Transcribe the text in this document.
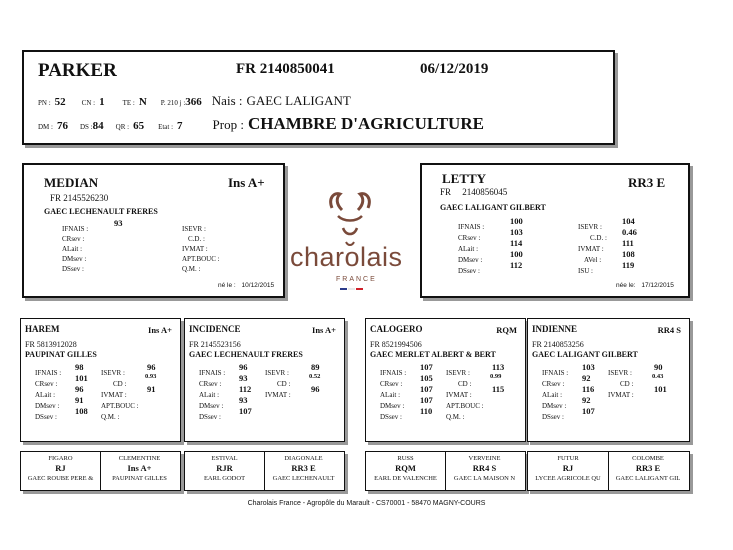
PARKER	FR 2140850041	06/12/2019
PN : 52 CN : 1	TE : N P. 210 j :366 Nais : GAEC LALIGANT
DM : 76 DS :84 QR : 65 Etat : 7 Prop : CHAMBRE D'AGRICULTURE
MEDIAN	Ins A+
FR 2145526230
GAEC LECHENAULT FRERES
IFNAIS :
93
CRsev :
ALait :
DMsev :
DSsev :
ISEVR :
C.D. :
IVMAT :
APT.BOUC :
Q.M. :
né le : 10/12/2015
charolais
FRANCE
LETTY	RR3 E
FR     2140856045
GAEC LALIGANT GILBERT
IFNAIS :
100
CRsev :
103
ALait :
114
DMsev :
100
DSsev :
112
ISEVR :
104
C.D. :
0.46
IVMAT :
111
AVel :
108
ISU :
119
née le: 17/12/2015
HAREM	Ins A+
FR 5813912028
PAUPINAT GILLES
IFNAIS :
98
CRsev :
101
ALait :
96
DMsev :
91
DSsev :
108
ISEVR :
96
CD :
0.93
IVMAT :
91
APT.BOUC :
Q.M. :
INCIDENCE	Ins A+
FR 2145523156
GAEC LECHENAULT FRERES
IFNAIS :
96
CRsev :
93
ALait :
112
DMsev :
93
DSsev :
107
ISEVR :
89
CD :
0.52
IVMAT :
96
CALOGERO	RQM
FR 8521994506
GAEC MERLET ALBERT & BERT
IFNAIS :
107
CRsev :
105
ALait :
107
DMsev :
107
DSsev :
110
ISEVR :
113
CD :
0.99
IVMAT :
115
APT.BOUC :
Q.M. :
INDIENNE	RR4 S
FR 2140853256
GAEC LALIGANT GILBERT
IFNAIS :
103
CRsev :
92
ALait :
116
DMsev :
92
DSsev :
107
ISEVR :
90
CD :
0.43
IVMAT :
101
FIGARO
RJ
GAEC ROUBE PERE &
CLEMENTINE
Ins A+
PAUPINAT GILLES
ESTIVAL
RJR
EARL GODOT
DIAGONALE
RR3 E
GAEC LECHENAULT
RUSS
RQM
EARL DE VALENCHE
VERVEINE
RR4 S
GAEC LA MAISON N
FUTUR
RJ
LYCEE AGRICOLE QU
COLOMBE
RR3 E
GAEC LALIGANT GIL
Charolais France - Agropôle du Marault - CS70001 - 58470 MAGNY-COURS
